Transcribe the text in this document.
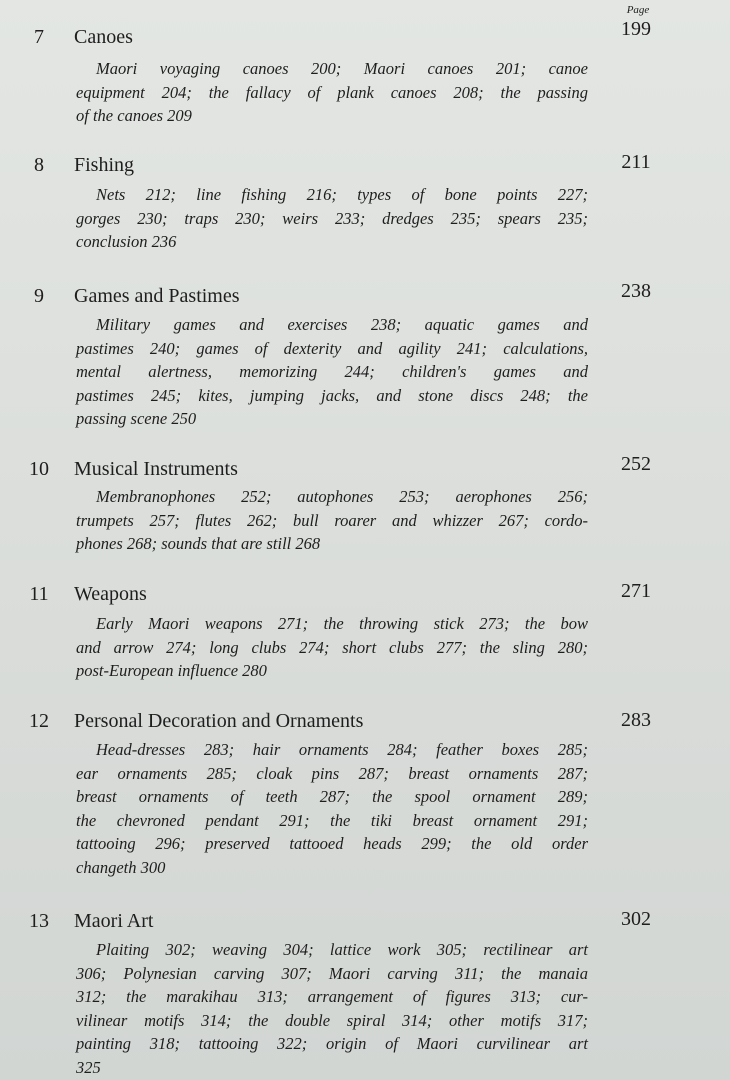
Page
7	Canoes	199
Maori voyaging canoes 200; Maori canoes 201; canoe
equipment 204; the fallacy of plank canoes 208; the passing
of the canoes 209
8	Fishing	211
Nets 212; line fishing 216; types of bone points 227;
gorges 230; traps 230; weirs 233; dredges 235; spears 235;
conclusion 236
9	Games and Pastimes	238
Military games and exercises 238; aquatic games and
pastimes 240; games of dexterity and agility 241; calculations,
mental alertness, memorizing 244; children's games and
pastimes 245; kites, jumping jacks, and stone discs 248; the
passing scene 250
10	Musical Instruments	252
Membranophones 252; autophones 253; aerophones 256;
trumpets 257; flutes 262; bull roarer and whizzer 267; cordo-
phones 268; sounds that are still 268
11	Weapons	271
Early Maori weapons 271; the throwing stick 273; the bow
and arrow 274; long clubs 274; short clubs 277; the sling 280;
post-European influence 280
12	Personal Decoration and Ornaments	283
Head-dresses 283; hair ornaments 284; feather boxes 285;
ear ornaments 285; cloak pins 287; breast ornaments 287;
breast ornaments of teeth 287; the spool ornament 289;
the chevroned pendant 291; the tiki breast ornament 291;
tattooing 296; preserved tattooed heads 299; the old order
changeth 300
13	Maori Art	302
Plaiting 302; weaving 304; lattice work 305; rectilinear art
306; Polynesian carving 307; Maori carving 311; the manaia
312; the marakihau 313; arrangement of figures 313; cur-
vilinear motifs 314; the double spiral 314; other motifs 317;
painting 318; tattooing 322; origin of Maori curvilinear art
325
